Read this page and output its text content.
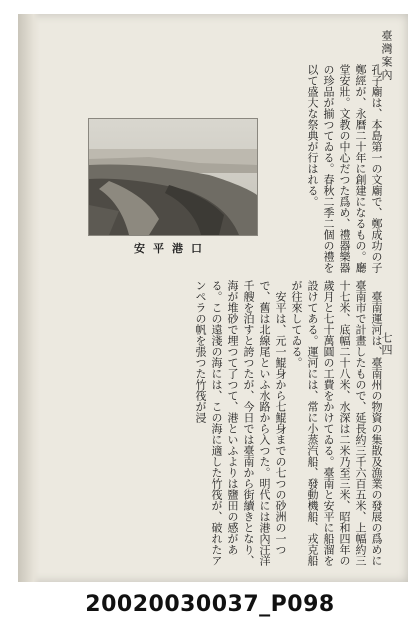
臺灣案內
七四
安平港口	孔子廟は、本島第一の文廟で、鄭成功の子鄭經が、永曆二十年に創建になるもの。廳堂安壯。文教の中心だつた爲め、禮器樂器の珍品が揃つてゐる。春秋二季二個の禮を以て盛大な祭典が行はれる。

臺南運河は、臺南州の物資の集散及漁業の發展の爲めに臺南市で計畫したもので、延長約三千六百五米、上幅約三十七米、底幅二十八米、水深は二米乃至三米、昭和四年の歲月と七十萬圓の工費をかけてゐる。臺南と安平に船溜を設けてある。運河には、常に小蒸汽船、發動機船、戎克船が往來してゐる。

安平は、元一鯤身から七鯤身までの七つの砂洲の一つで、舊は北線尾といふ水路から入つた。明代には港內汪洋千艘を泊すと誇つたが、今日では臺南から街續きとなり、海が堆砂で埋つて了つて、港といふよりは鹽田の感がある。この遠淺の海には、この海に適した竹筏が、破れたアンペラの帆を張つた竹筏が浸

20020030037_P098
